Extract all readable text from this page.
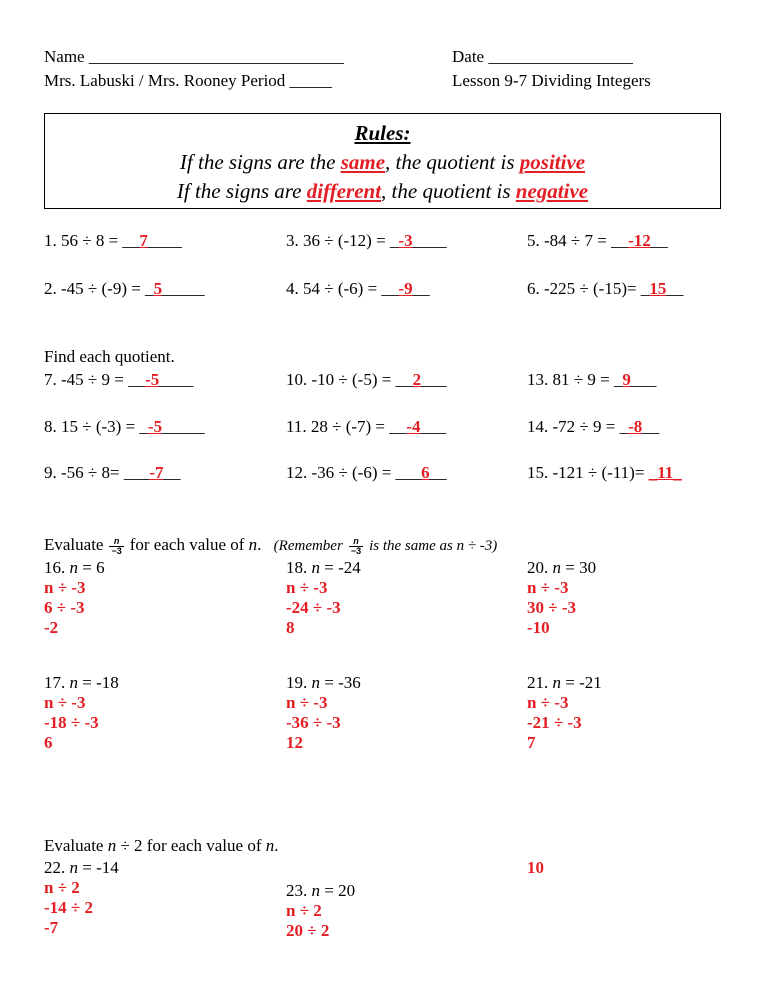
Name ______________________________	Date _________________
Mrs. Labuski / Mrs. Rooney Period _____	Lesson 9-7 Dividing Integers
Rules:
If the signs are the same, the quotient is positive
If the signs are different, the quotient is negative
1. 56 ÷ 8 = __7____	3. 36 ÷ (-12) = _-3____	5. -84 ÷ 7 = __-12__
2. -45 ÷ (-9) = _5_____	4. 54 ÷ (-6) = __-9__	6. -225 ÷ (-15)= _15__
Find each quotient.
7. -45 ÷ 9 = __-5____	10. -10 ÷ (-5) = __2___	13. 81 ÷ 9 = _9___
8. 15 ÷ (-3) = _-5_____	11. 28 ÷ (-7) = __-4___	14. -72 ÷ 9 = _-8__
9. -56 ÷ 8= ___-7__	12. -36 ÷ (-6) = ___6__	15. -121 ÷ (-11)= _11_
Evaluate $\frac{n}{-3}$ for each value of n. (Remember $\frac{n}{-3}$ is the same as n ÷ -3)
16. n = 6
n ÷ -3
6 ÷ -3
-2
18. n = -24
n ÷ -3
-24 ÷ -3
8
20. n = 30
n ÷ -3
30 ÷ -3
-10
17. n = -18
n ÷ -3
-18 ÷ -3
6
19. n = -36
n ÷ -3
-36 ÷ -3
12
21. n = -21
n ÷ -3
-21 ÷ -3
7
Evaluate n ÷ 2 for each value of n.
22. n = -14
n ÷ 2
-14 ÷ 2
-7
23. n = 20
n ÷ 2
20 ÷ 2
10
